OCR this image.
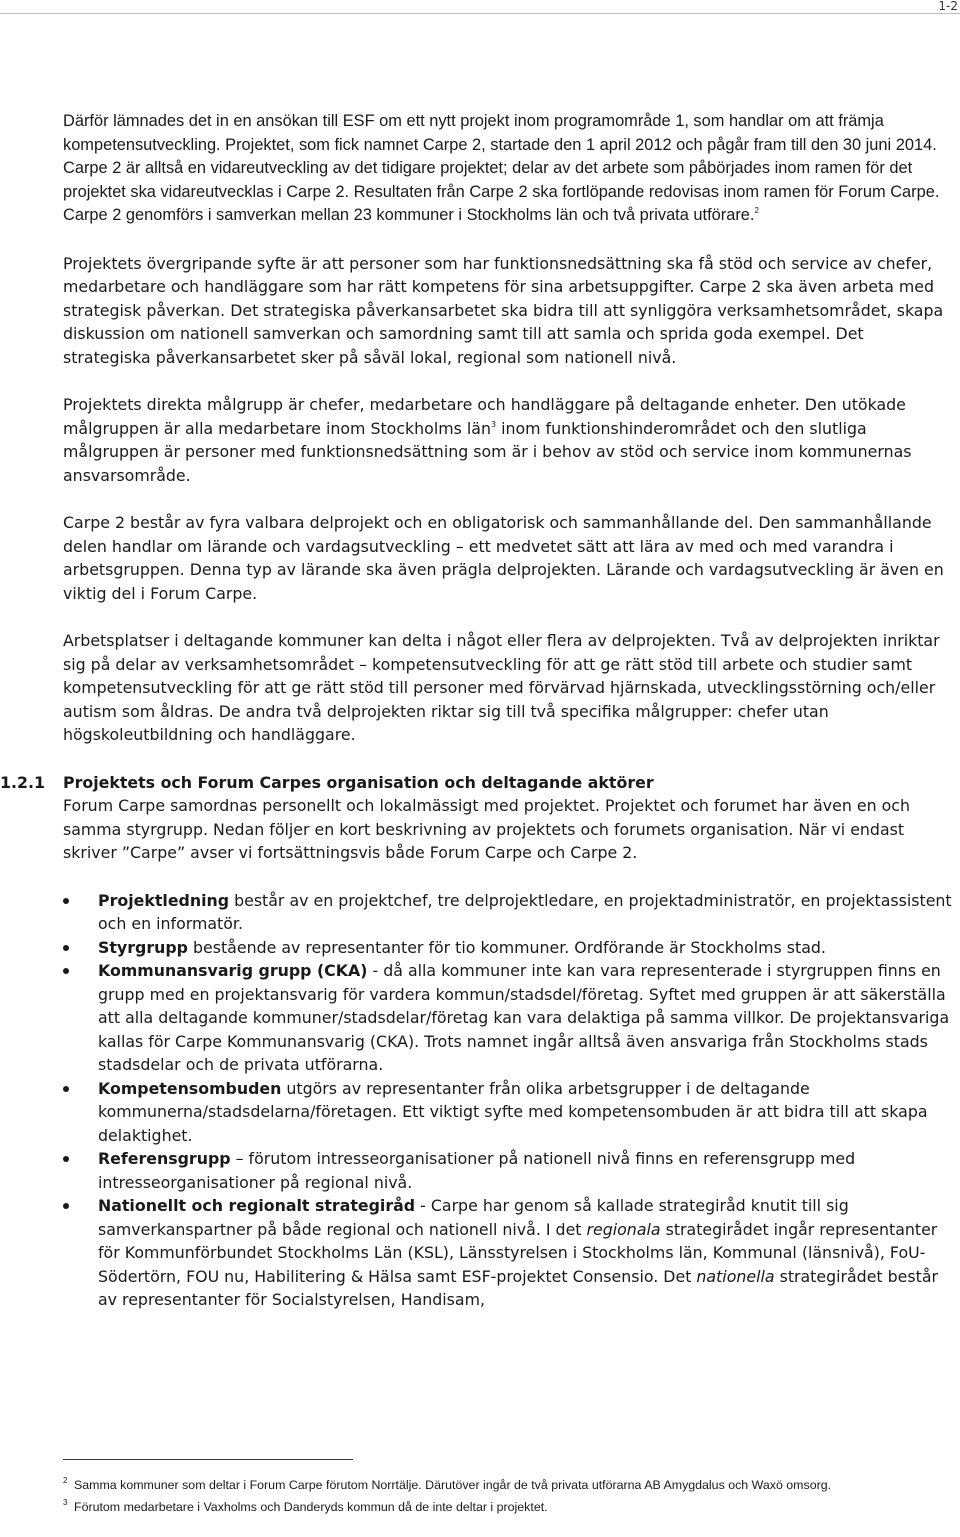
1-2

Därför lämnades det in en ansökan till ESF om ett nytt projekt inom programområde 1, som handlar om att främja kompetensutveckling. Projektet, som fick namnet Carpe 2, startade den 1 april 2012 och pågår fram till den 30 juni 2014. Carpe 2 är alltså en vidareutveckling av det tidigare projektet; delar av det arbete som påbörjades inom ramen för det projektet ska vidareutvecklas i Carpe 2. Resultaten från Carpe 2 ska fortlöpande redovisas inom ramen för Forum Carpe. Carpe 2 genomförs i samverkan mellan 23 kommuner i Stockholms län och två privata utförare.$^2$

Projektets övergripande syfte är att personer som har funktionsnedsättning ska få stöd och service av chefer, medarbetare och handläggare som har rätt kompetens för sina arbetsuppgifter. Carpe 2 ska även arbeta med strategisk påverkan. Det strategiska påverkansarbetet ska bidra till att synliggöra verksamhetsområdet, skapa diskussion om nationell samverkan och samordning samt till att samla och sprida goda exempel. Det strategiska påverkansarbetet sker på såväl lokal, regional som nationell nivå.

Projektets direkta målgrupp är chefer, medarbetare och handläggare på deltagande enheter. Den utökade målgruppen är alla medarbetare inom Stockholms län$^3$ inom funktionshinderområdet och den slutliga målgruppen är personer med funktionsnedsättning som är i behov av stöd och service inom kommunernas ansvarsområde.

Carpe 2 består av fyra valbara delprojekt och en obligatorisk och sammanhållande del. Den sammanhållande delen handlar om lärande och vardagsutveckling – ett medvetet sätt att lära av med och med varandra i arbetsgruppen. Denna typ av lärande ska även präglа delprojekten. Lärande och vardagsutveckling är även en viktig del i Forum Carpe.

Arbetsplatser i deltagande kommuner kan delta i något eller flera av delprojekten. Två av delprojekten inriktar sig på delar av verksamhetsområdet – kompetensutveckling för att ge rätt stöd till arbete och studier samt kompetensutveckling för att ge rätt stöd till personer med förvärvad hjärnskada, utvecklingsstörning och/eller autism som åldras. De andra två delprojekten riktar sig till två specifika målgrupper: chefer utan högskoleutbildning och handläggare.

1.2.1	Projektets och Forum Carpes organisation och deltagande aktörer

Forum Carpe samordnas personellt och lokalmässigt med projektet. Projektet och forumet har även en och samma styrgrupp. Nedan följer en kort beskrivning av projektets och forumets organisation. När vi endast skriver ”Carpe” avser vi fortsättningsvis både Forum Carpe och Carpe 2.

Projektledning består av en projektchef, tre delprojektledare, en projektadministratör, en projektassistent och en informatör.
Styrgrupp bestående av representanter för tio kommuner. Ordförande är Stockholms stad.
Kommunansvarig grupp (CKA) - då alla kommuner inte kan vara representerade i styrgruppen finns en grupp med en projektansvarig för vardera kommun/stadsdel/företag. Syftet med gruppen är att säkerställa att alla deltagande kommuner/stadsdelar/företag kan vara delaktiga på samma villkor. De projektansvariga kallas för Carpe Kommunansvarig (CKA). Trots namnet ingår alltså även ansvariga från Stockholms stads stadsdelar och de privata utförarna.
Kompetensombuden utgörs av representanter från olika arbetsgrupper i de deltagande kommunerna/stadsdelarna/företagen. Ett viktigt syfte med kompetensombuden är att bidra till att skapa delaktighet.
Referensgrupp – förutom intresseorganisationer på nationell nivå finns en referensgrupp med intresseorganisationer på regional nivå.
Nationellt och regionalt strategiråd - Carpe har genom så kallade strategiråd knutit till sig samverkanspartner på både regional och nationell nivå. I det regionala strategirådet ingår representanter för Kommunförbundet Stockholms Län (KSL), Länsstyrelsen i Stockholms län, Kommunal (länsnivå), FoU-Södertörn, FOU nu, Habilitering & Hälsa samt ESF-projektet Consensio. Det nationella strategirådet består av representanter för Socialstyrelsen, Handisam,
2 Samma kommuner som deltar i Forum Carpe förutom Norrtälje. Därutöver ingår de två privata utförarna AB Amygdalus och Waxö omsorg.
3 Förutom medarbetare i Vaxholms och Danderyds kommun då de inte deltar i projektet.
